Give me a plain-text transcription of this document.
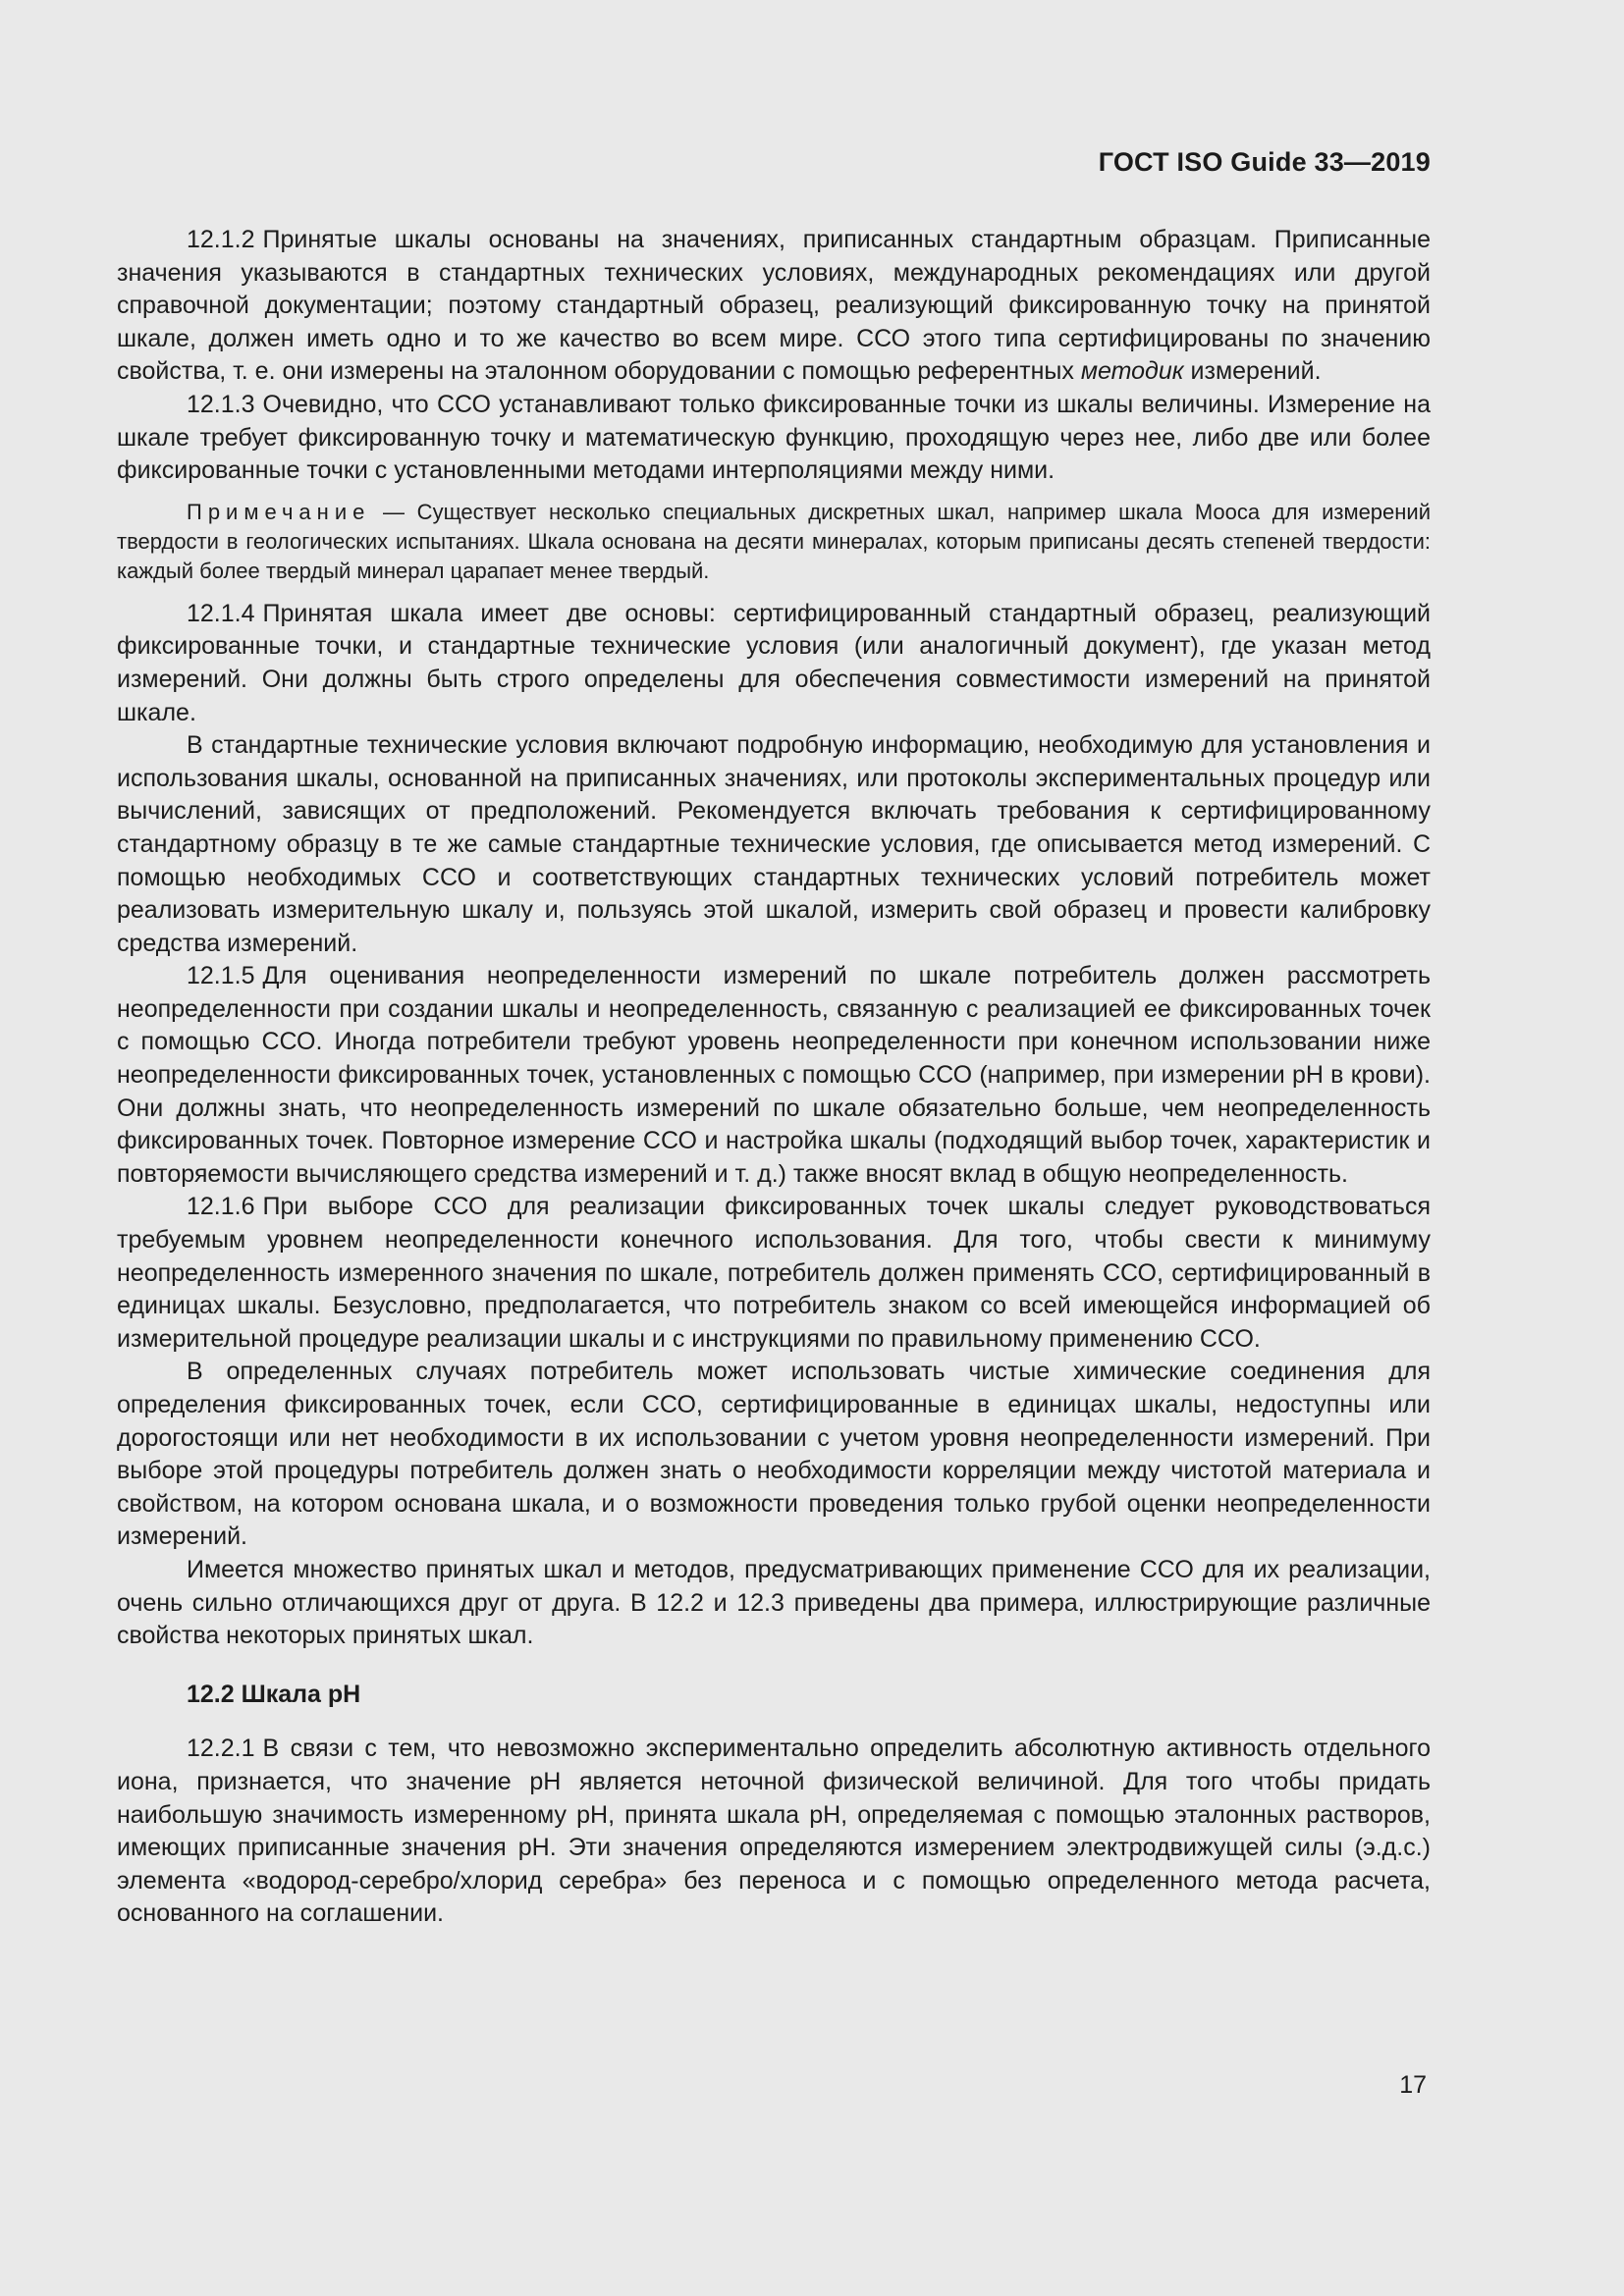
ГОСТ ISO Guide 33—2019

12.1.2 Принятые шкалы основаны на значениях, приписанных стандартным образцам. Приписанные значения указываются в стандартных технических условиях, международных рекомендациях или другой справочной документации; поэтому стандартный образец, реализующий фиксированную точку на принятой шкале, должен иметь одно и то же качество во всем мире. ССО этого типа сертифицированы по значению свойства, т. е. они измерены на эталонном оборудовании с помощью референтных методик измерений.

12.1.3 Очевидно, что ССО устанавливают только фиксированные точки из шкалы величины. Измерение на шкале требует фиксированную точку и математическую функцию, проходящую через нее, либо две или более фиксированные точки с установленными методами интерполяциями между ними.

Примечание — Существует несколько специальных дискретных шкал, например шкала Мооса для измерений твердости в геологических испытаниях. Шкала основана на десяти минералах, которым приписаны десять степеней твердости: каждый более твердый минерал царапает менее твердый.

12.1.4 Принятая шкала имеет две основы: сертифицированный стандартный образец, реализующий фиксированные точки, и стандартные технические условия (или аналогичный документ), где указан метод измерений. Они должны быть строго определены для обеспечения совместимости измерений на принятой шкале.

В стандартные технические условия включают подробную информацию, необходимую для установления и использования шкалы, основанной на приписанных значениях, или протоколы экспериментальных процедур или вычислений, зависящих от предположений. Рекомендуется включать требования к сертифицированному стандартному образцу в те же самые стандартные технические условия, где описывается метод измерений. С помощью необходимых ССО и соответствующих стандартных технических условий потребитель может реализовать измерительную шкалу и, пользуясь этой шкалой, измерить свой образец и провести калибровку средства измерений.

12.1.5 Для оценивания неопределенности измерений по шкале потребитель должен рассмотреть неопределенности при создании шкалы и неопределенность, связанную с реализацией ее фиксированных точек с помощью ССО. Иногда потребители требуют уровень неопределенности при конечном использовании ниже неопределенности фиксированных точек, установленных с помощью ССО (например, при измерении pH в крови). Они должны знать, что неопределенность измерений по шкале обязательно больше, чем неопределенность фиксированных точек. Повторное измерение ССО и настройка шкалы (подходящий выбор точек, характеристик и повторяемости вычисляющего средства измерений и т. д.) также вносят вклад в общую неопределенность.

12.1.6 При выборе ССО для реализации фиксированных точек шкалы следует руководствоваться требуемым уровнем неопределенности конечного использования. Для того, чтобы свести к минимуму неопределенность измеренного значения по шкале, потребитель должен применять ССО, сертифицированный в единицах шкалы. Безусловно, предполагается, что потребитель знаком со всей имеющейся информацией об измерительной процедуре реализации шкалы и с инструкциями по правильному применению ССО.

В определенных случаях потребитель может использовать чистые химические соединения для определения фиксированных точек, если ССО, сертифицированные в единицах шкалы, недоступны или дорогостоящи или нет необходимости в их использовании с учетом уровня неопределенности измерений. При выборе этой процедуры потребитель должен знать о необходимости корреляции между чистотой материала и свойством, на котором основана шкала, и о возможности проведения только грубой оценки неопределенности измерений.

Имеется множество принятых шкал и методов, предусматривающих применение ССО для их реализации, очень сильно отличающихся друг от друга. В 12.2 и 12.3 приведены два примера, иллюстрирующие различные свойства некоторых принятых шкал.

12.2 Шкала pH

12.2.1 В связи с тем, что невозможно экспериментально определить абсолютную активность отдельного иона, признается, что значение pH является неточной физической величиной. Для того чтобы придать наибольшую значимость измеренному pH, принята шкала pH, определяемая с помощью эталонных растворов, имеющих приписанные значения pH. Эти значения определяются измерением электродвижущей силы (э.д.с.) элемента «водород-серебро/хлорид серебра» без переноса и с помощью определенного метода расчета, основанного на соглашении.

17
